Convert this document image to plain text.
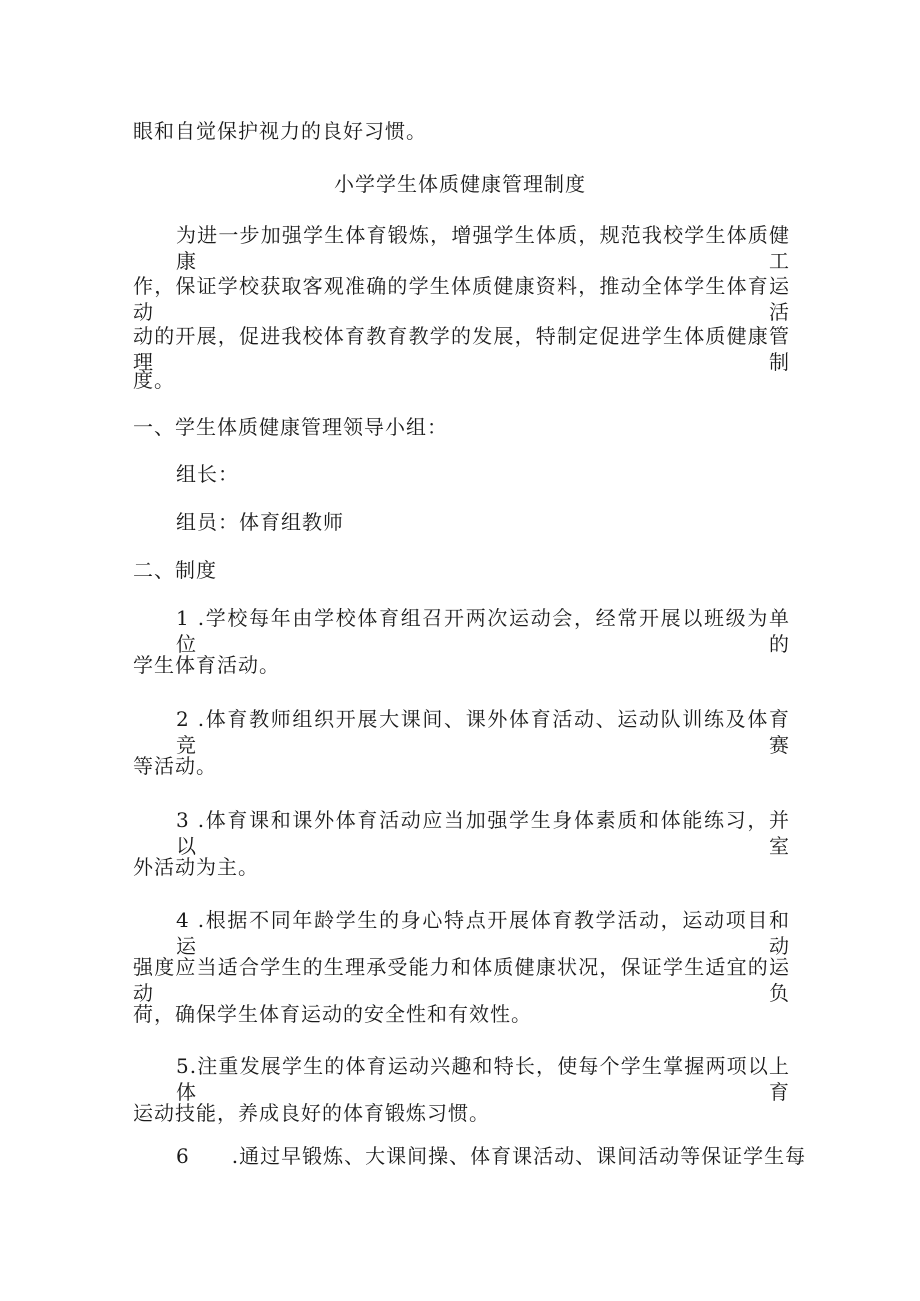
眼和自觉保护视力的良好习惯。
小学学生体质健康管理制度
为进一步加强学生体育锻炼，增强学生体质，规范我校学生体质健康工
作，保证学校获取客观准确的学生体质健康资料，推动全体学生体育运动活
动的开展，促进我校体育教育教学的发展，特制定促进学生体质健康管理制
度。
一、学生体质健康管理领导小组：
组长：
组员：体育组教师
二、制度
1 .学校每年由学校体育组召开两次运动会，经常开展以班级为单位的
学生体育活动。
2 .体育教师组织开展大课间、课外体育活动、运动队训练及体育竞赛
等活动。
3 .体育课和课外体育活动应当加强学生身体素质和体能练习，并以室
外活动为主。
4 .根据不同年龄学生的身心特点开展体育教学活动，运动项目和运动
强度应当适合学生的生理承受能力和体质健康状况，保证学生适宜的运动负
荷，确保学生体育运动的安全性和有效性。
5.注重发展学生的体育运动兴趣和特长，使每个学生掌握两项以上体育
运动技能，养成良好的体育锻炼习惯。
6　　.通过早锻炼、大课间操、体育课活动、课间活动等保证学生每
